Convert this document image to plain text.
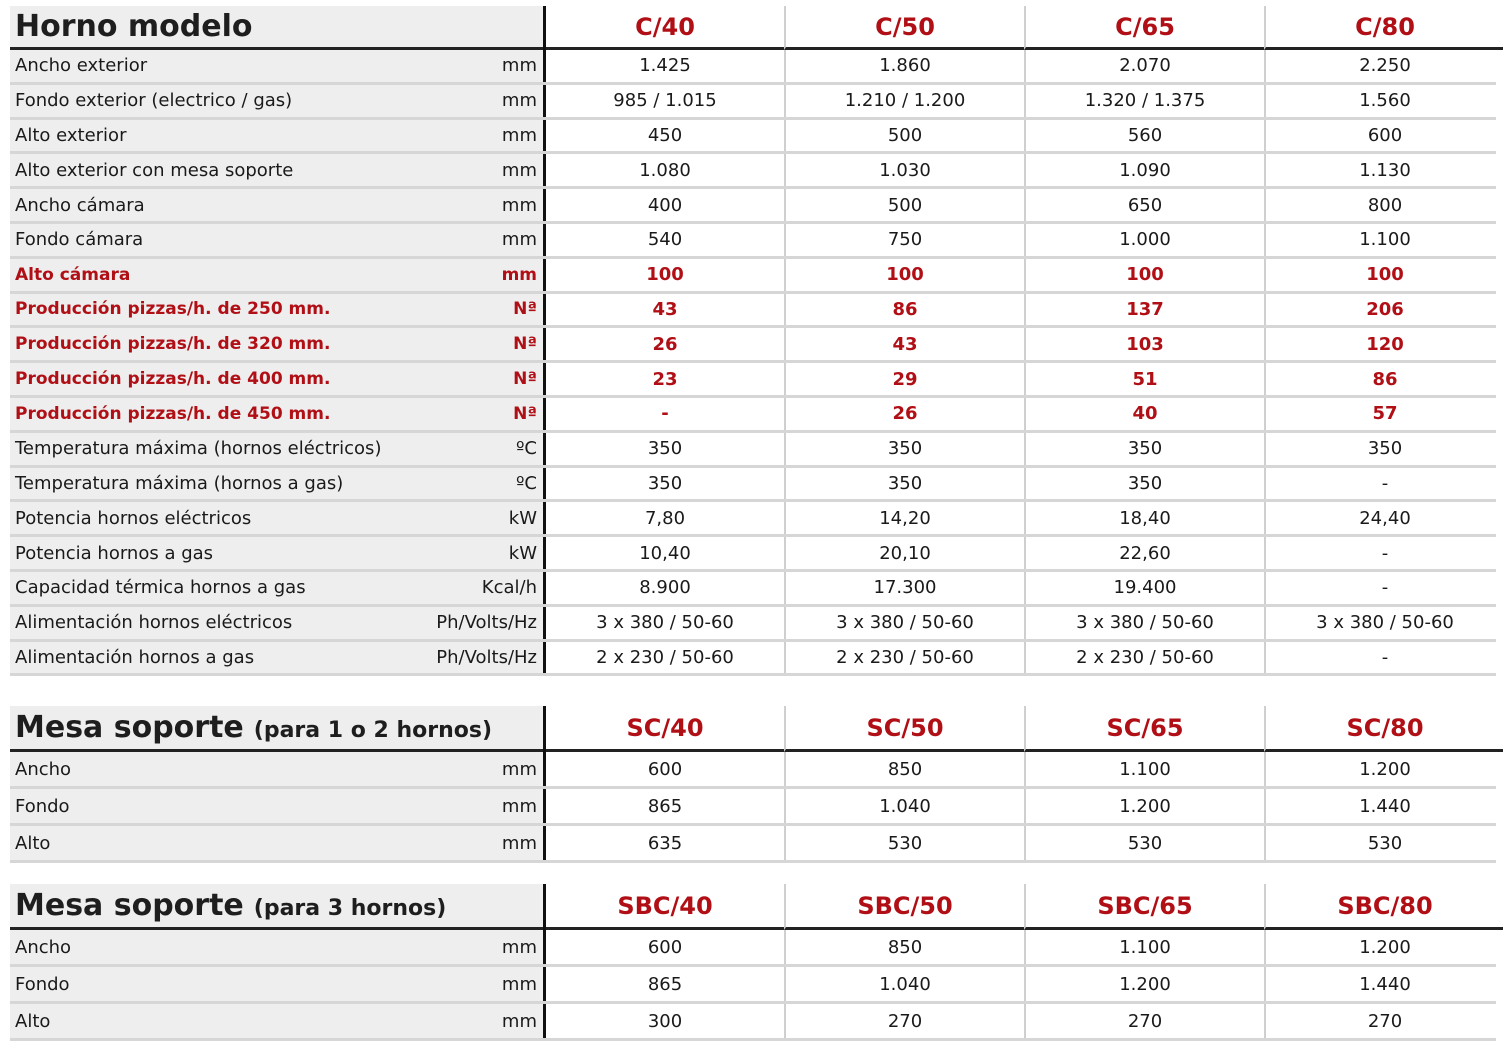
Horno modelo	C/40	C/50	C/65	C/80
Ancho exterior	mm	1.425	1.860	2.070	2.250
Fondo exterior (electrico / gas)	mm	985 / 1.015	1.210 / 1.200	1.320 / 1.375	1.560
Alto exterior	mm	450	500	560	600
Alto exterior con mesa soporte	mm	1.080	1.030	1.090	1.130
Ancho cámara	mm	400	500	650	800
Fondo cámara	mm	540	750	1.000	1.100
Alto cámara	mm	100	100	100	100
Producción pizzas/h. de 250 mm.	Nª	43	86	137	206
Producción pizzas/h. de 320 mm.	Nª	26	43	103	120
Producción pizzas/h. de 400 mm.	Nª	23	29	51	86
Producción pizzas/h. de 450 mm.	Nª	-	26	40	57
Temperatura máxima (hornos eléctricos)	ºC	350	350	350	350
Temperatura máxima (hornos a gas)	ºC	350	350	350	-
Potencia hornos eléctricos	kW	7,80	14,20	18,40	24,40
Potencia hornos a gas	kW	10,40	20,10	22,60	-
Capacidad térmica hornos a gas	Kcal/h	8.900	17.300	19.400	-
Alimentación hornos eléctricos	Ph/Volts/Hz	3 x 380 / 50-60	3 x 380 / 50-60	3 x 380 / 50-60	3 x 380 / 50-60
Alimentación hornos a gas	Ph/Volts/Hz	2 x 230 / 50-60	2 x 230 / 50-60	2 x 230 / 50-60	-
Mesa soporte (para 1 o 2 hornos)	SC/40	SC/50	SC/65	SC/80
Ancho	mm	600	850	1.100	1.200
Fondo	mm	865	1.040	1.200	1.440
Alto	mm	635	530	530	530
Mesa soporte (para 3 hornos)	SBC/40	SBC/50	SBC/65	SBC/80
Ancho	mm	600	850	1.100	1.200
Fondo	mm	865	1.040	1.200	1.440
Alto	mm	300	270	270	270
